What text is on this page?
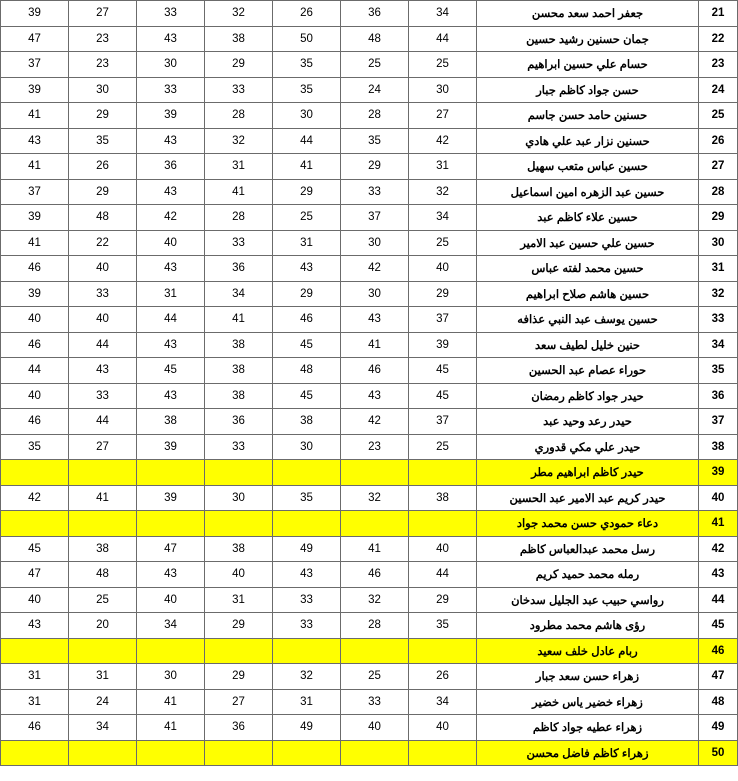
21	جعفر احمد سعد محسن	34	36	26	32	33	27	39
22	جمان حسنين رشيد حسين	44	48	50	38	43	23	47
23	حسام علي حسين ابراهيم	25	25	35	29	30	23	37
24	حسن جواد كاظم جبار	30	24	35	33	33	30	39
25	حسنين حامد حسن جاسم	27	28	30	28	39	29	41
26	حسنين نزار عبد علي هادي	42	35	44	32	43	35	43
27	حسين عباس متعب سهيل	31	29	41	31	36	26	41
28	حسين عبد الزهره امين اسماعيل	32	33	29	41	43	29	37
29	حسين علاء كاظم عبد	34	37	25	28	42	48	39
30	حسين علي حسين عبد الامير	25	30	31	33	40	22	41
31	حسين محمد لفته عباس	40	42	43	36	43	40	46
32	حسين هاشم صلاح ابراهيم	29	30	29	34	31	33	39
33	حسين يوسف عبد النبي عذافه	37	43	46	41	44	40	40
34	حنين خليل لطيف سعد	39	41	45	38	43	44	46
35	حوراء عصام عبد الحسين	45	46	48	38	45	43	44
36	حيدر جواد كاظم رمضان	45	43	45	38	43	33	40
37	حيدر رعد وحيد عبد	37	42	38	36	38	44	46
38	حيدر علي مكي قدوري	25	23	30	33	39	27	35
39	حيدر كاظم ابراهيم مطر							
40	حيدر كريم عبد الامير عبد الحسين	38	32	35	30	39	41	42
41	دعاء حمودي حسن محمد جواد							
42	رسل محمد عبدالعباس كاظم	40	41	49	38	47	38	45
43	رمله محمد حميد كريم	44	46	43	40	43	48	47
44	رواسي حبيب عبد الجليل سدخان	29	32	33	31	40	25	40
45	رؤى هاشم محمد مطرود	35	28	33	29	34	20	43
46	ربام عادل خلف سعيد							
47	زهراء حسن سعد جبار	26	25	32	29	30	31	31
48	زهراء خضير ياس خضير	34	33	31	27	41	24	31
49	زهراء عطيه جواد كاظم	40	40	49	36	41	34	46
50	زهراء كاظم فاضل محسن							
